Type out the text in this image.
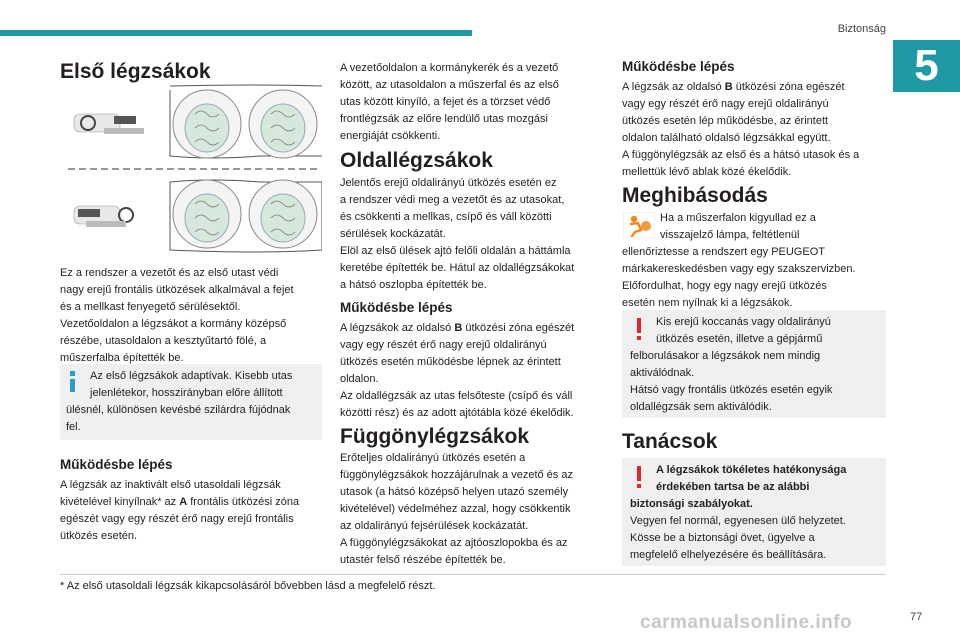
Biztonság
5
Első légzsákok
Ez a rendszer a vezetőt és az első utast védi
nagy erejű frontális ütközések alkalmával a fejet
és a mellkast fenyegető sérülésektől.
Vezetőoldalon a légzsákot a kormány középső
részébe, utasoldalon a kesztyűtartó fölé, a
műszerfalba építették be.
Az első légzsákok adaptívak. Kisebb utas
jelenlétekor, hosszirányban előre állított
ülésnél, különösen kevésbé szilárdra fújódnak
fel.
Működésbe lépés
A légzsák az inaktivált első utasoldali légzsák
kivételével kinyílnak* az A frontális ütközési zóna
egészét vagy egy részét érő nagy erejű frontális
ütközés esetén.
A vezetőoldalon a kormánykerék és a vezető
között, az utasoldalon a műszerfal és az első
utas között kinyíló, a fejet és a törzset védő
frontlégzsák az előre lendülő utas mozgási
energiáját csökkenti.
Oldallégzsákok
Jelentős erejű oldalirányú ütközés esetén ez
a rendszer védi meg a vezetőt és az utasokat,
és csökkenti a mellkas, csípő és váll közötti
sérülések kockázatát.
Elöl az első ülések ajtó felőli oldalán a háttámla
keretébe építették be. Hátul az oldallégzsákokat
a hátsó oszlopba építették be.
Működésbe lépés
A légzsákok az oldalsó B ütközési zóna egészét
vagy egy részét érő nagy erejű oldalirányú
ütközés esetén működésbe lépnek az érintett
oldalon.
Az oldallégzsák az utas felsőteste (csípő és váll
közötti rész) és az adott ajtótábla közé ékelődik.
Függönylégzsákok
Erőteljes oldalirányú ütközés esetén a
függönylégzsákok hozzájárulnak a vezető és az
utasok (a hátsó középső helyen utazó személy
kivételével) védelméhez azzal, hogy csökkentik
az oldalirányú fejsérülések kockázatát.
A függönylégzsákokat az ajtóoszlopokba és az
utastér felső részébe építették be.
Működésbe lépés
A légzsák az oldalsó B ütközési zóna egészét
vagy egy részét érő nagy erejű oldalirányú
ütközés esetén lép működésbe, az érintett
oldalon található oldalsó légzsákkal együtt.
A függönylégzsák az első és a hátsó utasok és a
mellettük lévő ablak közé ékelődik.
Meghibásodás
Ha a műszerfalon kigyullad ez a
visszajelző lámpa, feltétlenül
ellenőriztesse a rendszert egy PEUGEOT
márkakereskedésben vagy egy szakszervizben.
Előfordulhat, hogy egy nagy erejű ütközés
esetén nem nyílnak ki a légzsákok.
Kis erejű koccanás vagy oldalirányú
ütközés esetén, illetve a gépjármű
felborulásakor a légzsákok nem mindig
aktiválódnak.
Hátsó vagy frontális ütközés esetén egyik
oldallégzsák sem aktiválódik.
Tanácsok
A légzsákok tökéletes hatékonysága
érdekében tartsa be az alábbi
biztonsági szabályokat.
Vegyen fel normál, egyenesen ülő helyzetet.
Kösse be a biztonsági övet, ügyelve a
megfelelő elhelyezésére és beállítására.
* Az első utasoldali légzsák kikapcsolásáról bővebben lásd a megfelelő részt.
carmanualsonline.info	77
